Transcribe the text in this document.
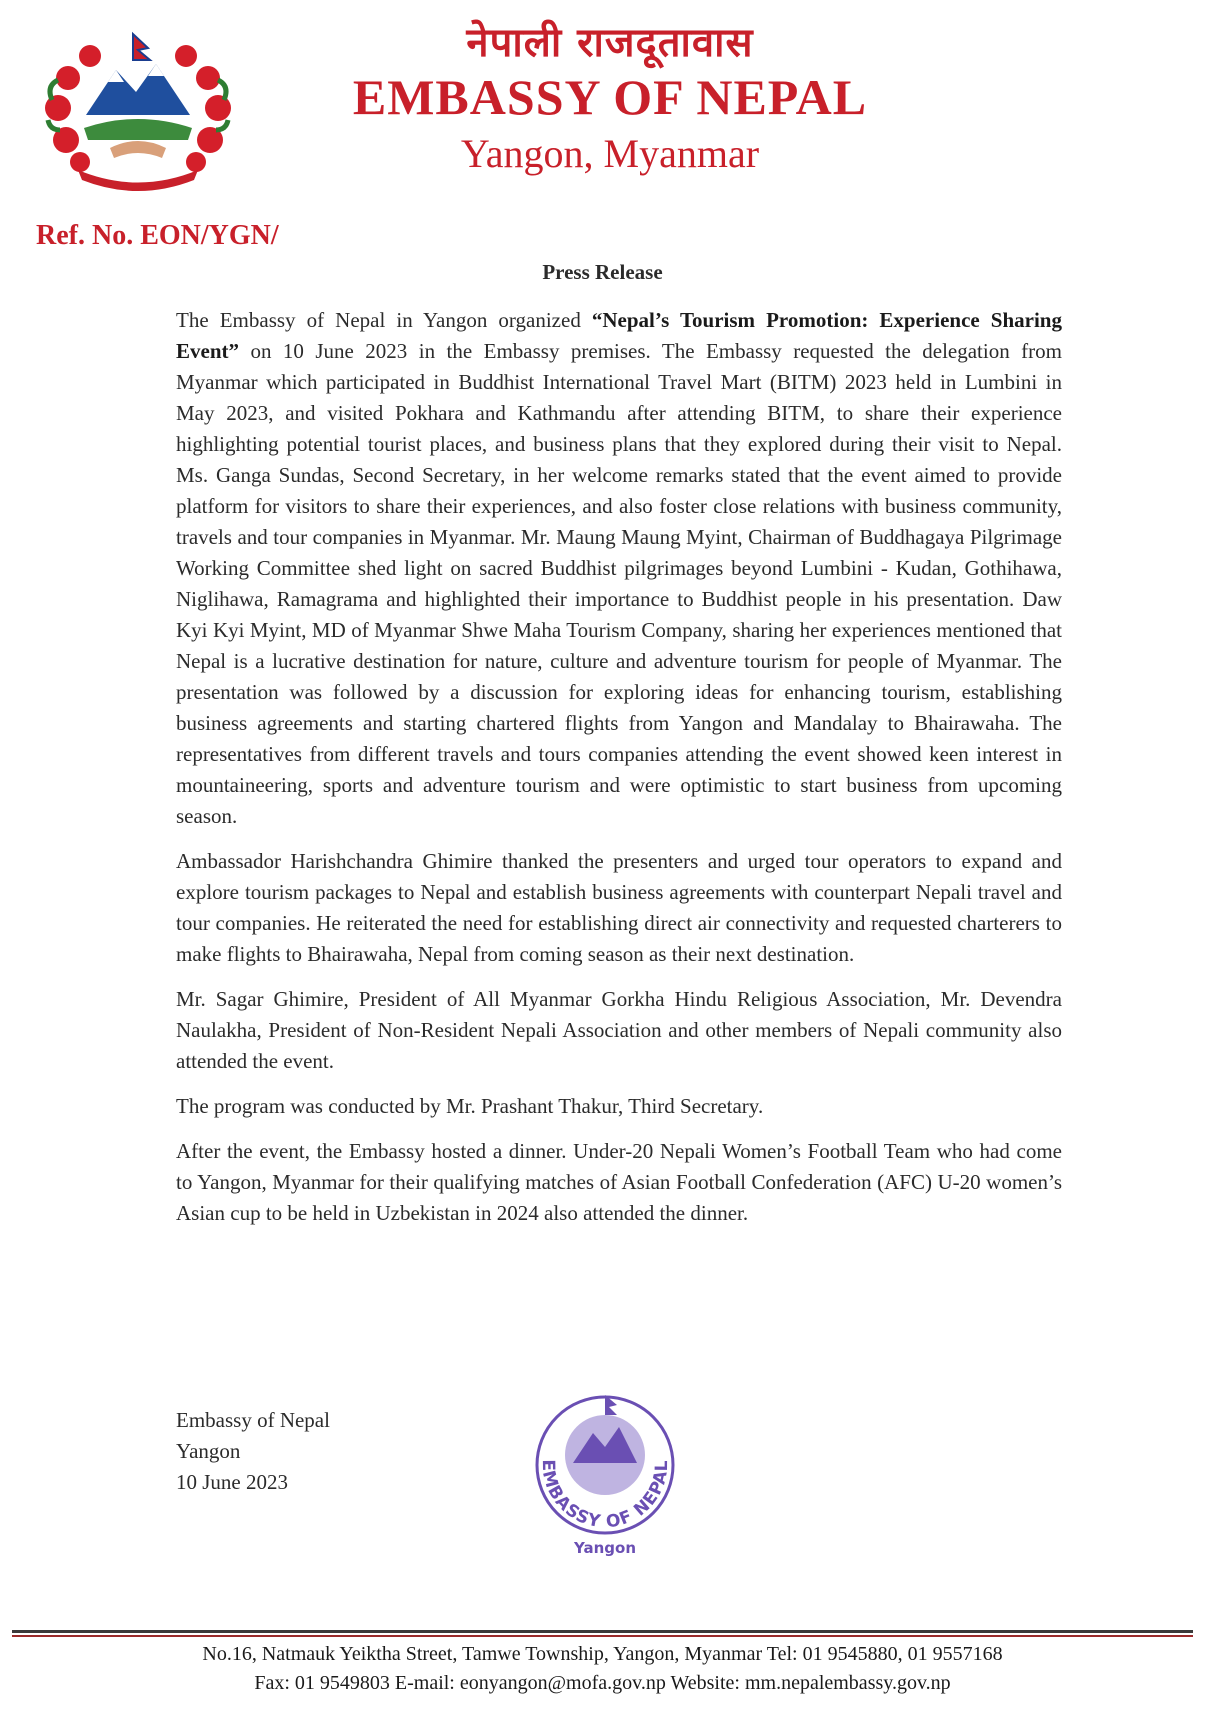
नेपाली राजदूतावास
EMBASSY OF NEPAL
Yangon, Myanmar
Ref. No. EON/YGN/
Press Release

The Embassy of Nepal in Yangon organized “Nepal’s Tourism Promotion: Experience Sharing Event” on 10 June 2023 in the Embassy premises. The Embassy requested the delegation from Myanmar which participated in Buddhist International Travel Mart (BITM) 2023 held in Lumbini in May 2023, and visited Pokhara and Kathmandu after attending BITM, to share their experience highlighting potential tourist places, and business plans that they explored during their visit to Nepal. Ms. Ganga Sundas, Second Secretary, in her welcome remarks stated that the event aimed to provide platform for visitors to share their experiences, and also foster close relations with business community, travels and tour companies in Myanmar. Mr. Maung Maung Myint, Chairman of Buddhagaya Pilgrimage Working Committee shed light on sacred Buddhist pilgrimages beyond Lumbini - Kudan, Gothihawa, Niglihawa, Ramagrama and highlighted their importance to Buddhist people in his presentation. Daw Kyi Kyi Myint, MD of Myanmar Shwe Maha Tourism Company, sharing her experiences mentioned that Nepal is a lucrative destination for nature, culture and adventure tourism for people of Myanmar. The presentation was followed by a discussion for exploring ideas for enhancing tourism, establishing business agreements and starting chartered flights from Yangon and Mandalay to Bhairawaha. The representatives from different travels and tours companies attending the event showed keen interest in mountaineering, sports and adventure tourism and were optimistic to start business from upcoming season.

Ambassador Harishchandra Ghimire thanked the presenters and urged tour operators to expand and explore tourism packages to Nepal and establish business agreements with counterpart Nepali travel and tour companies. He reiterated the need for establishing direct air connectivity and requested charterers to make flights to Bhairawaha, Nepal from coming season as their next destination.

Mr. Sagar Ghimire, President of All Myanmar Gorkha Hindu Religious Association, Mr. Devendra Naulakha, President of Non-Resident Nepali Association and other members of Nepali community also attended the event.

The program was conducted by Mr. Prashant Thakur, Third Secretary.

After the event, the Embassy hosted a dinner. Under-20 Nepali Women’s Football Team who had come to Yangon, Myanmar for their qualifying matches of Asian Football Confederation (AFC) U-20 women’s Asian cup to be held in Uzbekistan in 2024 also attended the dinner.

Embassy of Nepal
Yangon
10 June 2023
EMBASSY OF NEPAL
Yangon
No.16, Natmauk Yeiktha Street, Tamwe Township, Yangon, Myanmar Tel: 01 9545880, 01 9557168
Fax: 01 9549803 E-mail: eonyangon@mofa.gov.np Website: mm.nepalembassy.gov.np
